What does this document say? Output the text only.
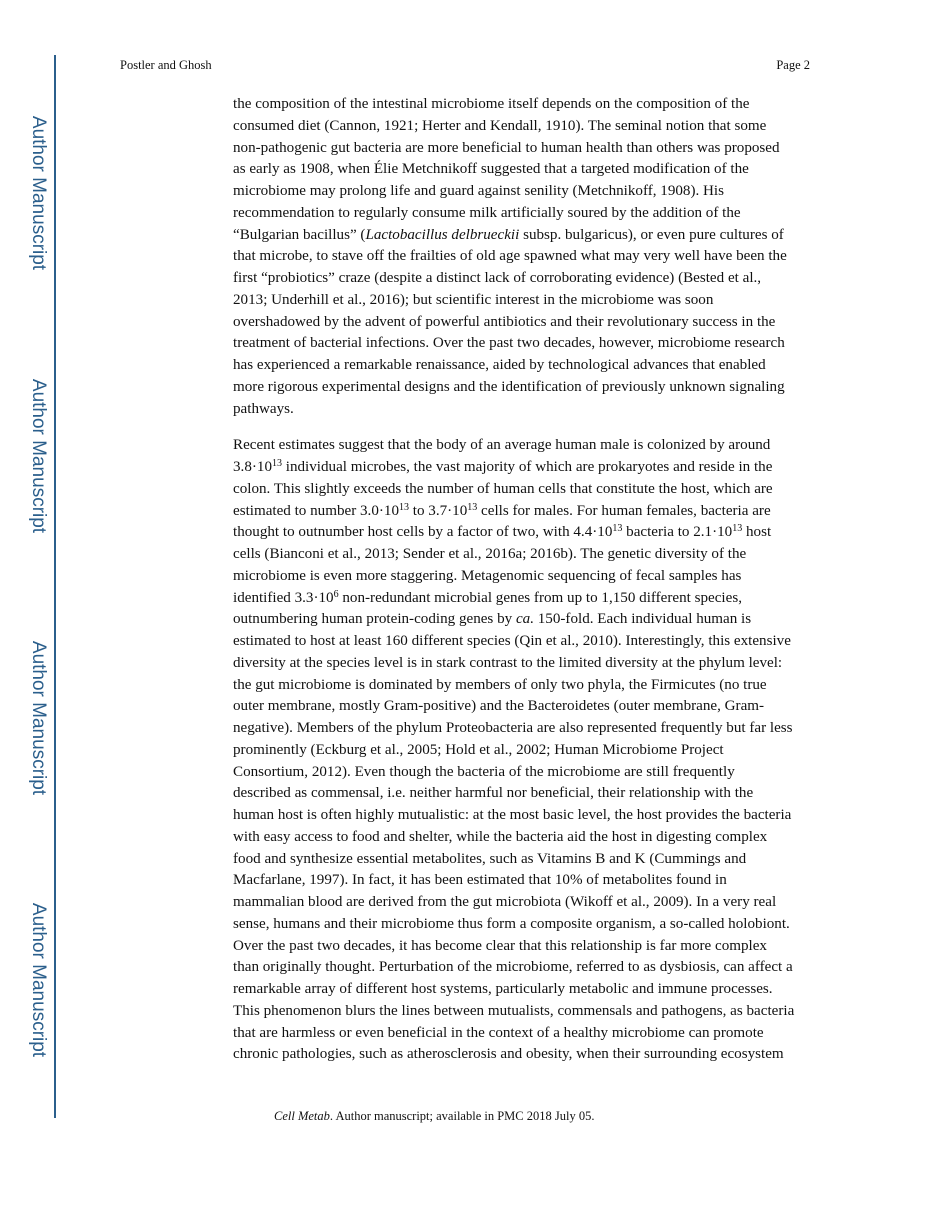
Author Manuscript
Author Manuscript
Author Manuscript
Author Manuscript
Postler and Ghosh	Page 2
the composition of the intestinal microbiome itself depends on the composition of the
consumed diet (Cannon, 1921; Herter and Kendall, 1910). The seminal notion that some
non-pathogenic gut bacteria are more beneficial to human health than others was proposed
as early as 1908, when Élie Metchnikoff suggested that a targeted modification of the
microbiome may prolong life and guard against senility (Metchnikoff, 1908). His
recommendation to regularly consume milk artificially soured by the addition of the
“Bulgarian bacillus” (Lactobacillus delbrueckii subsp. bulgaricus), or even pure cultures of
that microbe, to stave off the frailties of old age spawned what may very well have been the
first “probiotics” craze (despite a distinct lack of corroborating evidence) (Bested et al.,
2013; Underhill et al., 2016); but scientific interest in the microbiome was soon
overshadowed by the advent of powerful antibiotics and their revolutionary success in the
treatment of bacterial infections. Over the past two decades, however, microbiome research
has experienced a remarkable renaissance, aided by technological advances that enabled
more rigorous experimental designs and the identification of previously unknown signaling
pathways.
Recent estimates suggest that the body of an average human male is colonized by around
$3.8\cdot 10^{13}$ individual microbes, the vast majority of which are prokaryotes and reside in the
colon. This slightly exceeds the number of human cells that constitute the host, which are
estimated to number $3.0\cdot 10^{13}$ to $3.7\cdot 10^{13}$ cells for males. For human females, bacteria are
thought to outnumber host cells by a factor of two, with $4.4\cdot 10^{13}$ bacteria to $2.1\cdot 10^{13}$ host
cells (Bianconi et al., 2013; Sender et al., 2016a; 2016b). The genetic diversity of the
microbiome is even more staggering. Metagenomic sequencing of fecal samples has
identified $3.3\cdot 10^6$ non-redundant microbial genes from up to 1,150 different species,
outnumbering human protein-coding genes by ca. 150-fold. Each individual human is
estimated to host at least 160 different species (Qin et al., 2010). Interestingly, this extensive
diversity at the species level is in stark contrast to the limited diversity at the phylum level:
the gut microbiome is dominated by members of only two phyla, the Firmicutes (no true
outer membrane, mostly Gram-positive) and the Bacteroidetes (outer membrane, Gram-
negative). Members of the phylum Proteobacteria are also represented frequently but far less
prominently (Eckburg et al., 2005; Hold et al., 2002; Human Microbiome Project
Consortium, 2012). Even though the bacteria of the microbiome are still frequently
described as commensal, i.e. neither harmful nor beneficial, their relationship with the
human host is often highly mutualistic: at the most basic level, the host provides the bacteria
with easy access to food and shelter, while the bacteria aid the host in digesting complex
food and synthesize essential metabolites, such as Vitamins B and K (Cummings and
Macfarlane, 1997). In fact, it has been estimated that 10% of metabolites found in
mammalian blood are derived from the gut microbiota (Wikoff et al., 2009). In a very real
sense, humans and their microbiome thus form a composite organism, a so-called holobiont.
Over the past two decades, it has become clear that this relationship is far more complex
than originally thought. Perturbation of the microbiome, referred to as dysbiosis, can affect a
remarkable array of different host systems, particularly metabolic and immune processes.
This phenomenon blurs the lines between mutualists, commensals and pathogens, as bacteria
that are harmless or even beneficial in the context of a healthy microbiome can promote
chronic pathologies, such as atherosclerosis and obesity, when their surrounding ecosystem
Cell Metab. Author manuscript; available in PMC 2018 July 05.
